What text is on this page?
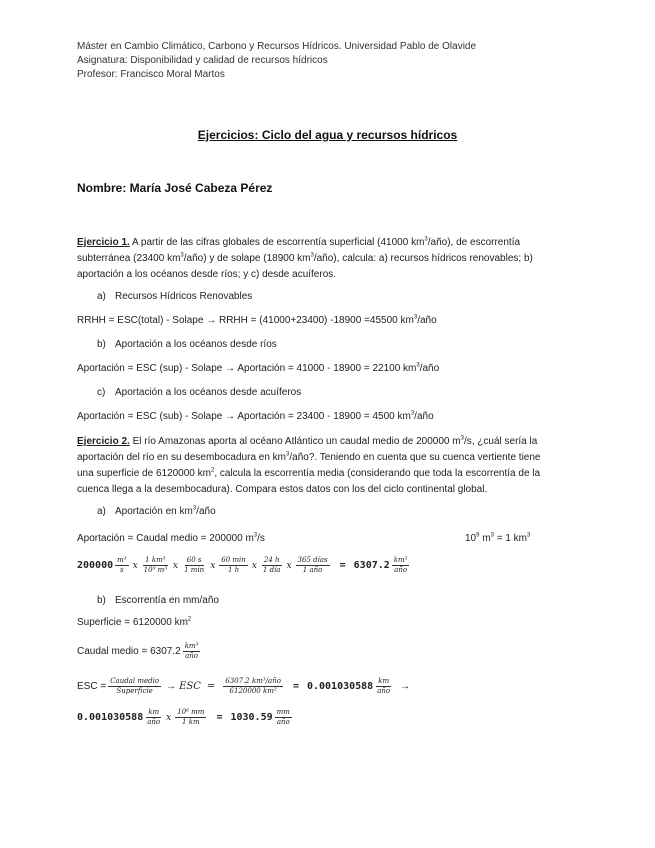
Máster en Cambio Climático, Carbono y Recursos Hídricos. Universidad Pablo de Olavide
Asignatura: Disponibilidad y calidad de recursos hídricos
Profesor: Francisco Moral Martos
Ejercicios: Ciclo del agua y recursos hídricos
Nombre: María José Cabeza Pérez
Ejercicio 1. A partir de las cifras globales de escorrentía superficial (41000 $km^3/año$), de escorrentía subterránea (23400 $km^3/año$) y de solape (18900 $km^3/año$), calcula: a) recursos hídricos renovables; b) aportación a los océanos desde ríos; y c) desde acuíferos.
a) Recursos Hídricos Renovables
RRHH = ESC(total) - Solape → RRHH = (41000+23400) -18900 =45500 $km^3$/año
b) Aportación a los océanos desde ríos
Aportación = ESC (sup) - Solape → Aportación = 41000 - 18900 = 22100 $km^3$/año
c) Aportación a los océanos desde acuíferos
Aportación = ESC (sub) - Solape → Aportación = 23400 - 18900 = 4500 $km^3$/año
Ejercicio 2. El río Amazonas aporta al océano Atlántico un caudal medio de 200000 $m^3/s$, ¿cuál sería la aportación del río en su desembocadura en $km^3$/año?. Teniendo en cuenta que su cuenca vertiente tiene una superficie de 6120000 $km^2$, calcula la escorrentía media (considerando que toda la escorrentía de la cuenca llega a la desembocadura). Compara estos datos con los del ciclo continental global.
a) Aportación en $km^3$/año
Aportación = Caudal medio = 200000 $m^3/s$	$10^9$ $m^3 = 1$ $km^3$
$200000 \frac{\text{m³}}{s}$ x $\frac{\text{1 km³}}{\text{10⁹ m³}}$ x $\frac{60 s}{1 \min}$ x $\frac{60 \min}{1 h}$ x $\frac{24 h}{\text{1 día}}$ x $\frac{\text{365 días}}{\text{1 año}} = 6307.2 \frac{\text{km³}}{\text{año}}$
b) Escorrentía en mm/año
Superficie = 6120000 $km^2$
Caudal medio = $6307.2 \frac{\text{km³}}{\text{año}}$
ESC = $\frac{\text{Caudal medio}}{\text{Superficie}}$ → ESC = $\frac{\text{6307.2 km³/año}}{\text{6120000 km²}} = 0.001030588 \frac{km}{\text{año}}$ →
$0.001030588 \frac{km}{\text{año}}$ x $\frac{\text{10⁶ mm}}{1 km} = 1030.59 \frac{mm}{\text{año}}$
